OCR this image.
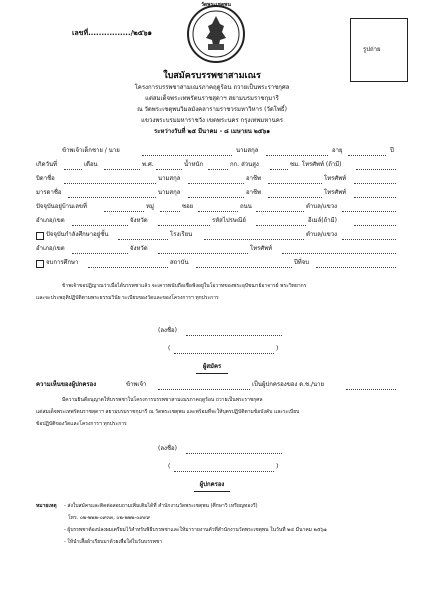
เลขที่................/๒๕๖๑
วัดพระเชตุพน
รูปถ่าย
ใบสมัครบรรพชาสามเณร
โครงการบรรพชาสามเณรภาคฤดูร้อน ถวายเป็นพระราชกุศล
แด่สมเด็จพระเทพรัตนราชสุดาฯ สยามบรมราชกุมารี
ณ วัดพระเชตุพนวิมลมังคลารามราชวรมหาวิหาร (วัดโพธิ์)
แขวงพระบรมมหาราชวัง เขตพระนคร กรุงเทพมหานคร
ระหว่างวันที่ ๒๕ มีนาคม - ๘ เมษายน ๒๕๖๑
ข้าพเจ้าเด็กชาย / นาย	นามสกุล	อายุ	ปี
เกิดวันที่	เดือน	พ.ศ.	น้ำหนัก	กก. ส่วนสูง	ซม. โทรศัพท์ (ถ้ามี)
บิดาชื่อ	นามสกุล	อาชีพ	โทรศัพท์
มารดาชื่อ	นามสกุล	อาชีพ	โทรศัพท์
ปัจจุบันอยู่บ้านเลขที่	หมู่	ซอย	ถนน	ตำบล/แขวง
อำเภอ/เขต	จังหวัด	รหัสไปรษณีย์	อีเมล์(ถ้ามี)
ปัจจุบันกำลังศึกษาอยู่ชั้น	โรงเรียน	ตำบล/แขวง
อำเภอ/เขต	จังหวัด	โทรศัพท์
จบการศึกษา	สถาบัน	ปีที่จบ
ข้าพเจ้าขอปฏิญาณว่าเมื่อได้บรรพชาแล้ว จะเคารพนับถือเชื่อฟังอยู่ในโอวาทของพระอุปัชฌาย์อาจารย์ พระวิทยากร
และจะประพฤติปฏิบัติตามพระธรรมวินัย ระเบียบของวัดและของโครงการฯ ทุกประการ
(ลงชื่อ)
(	)
ผู้สมัคร
ความเห็นของผู้ปกครอง	ข้าพเจ้า	เป็นผู้ปกครองของ ด.ช./นาย
มีความยินดีอนุญาตให้บรรพชาในโครงการบรรพชาสามเณรภาคฤดูร้อน ถวายเป็นพระราชกุศล
แด่สมเด็จพระเทพรัตนราชสุดาฯ สยามบรมราชกุมารี ณ วัดพระเชตุพน และพร้อมที่จะให้บุตรปฏิบัติตามข้อบังคับ และระเบียบ
ข้อปฏิบัติของวัดและโครงการฯ ทุกประการ
(ลงชื่อ)
(	)
ผู้ปกครอง
หมายเหตุ - ส่งใบสมัครและติดต่อสอบถามเพิ่มเติมได้ที่ สำนักงานวัดพระเชตุพน (ศึกษาวิ เหรียญทองวี)
โทร. ๐๒-๒๒๒-๐๙๓๓, ๐๒-๒๒๒-๐๙๙๙
- ผู้บรรพชาต้องปลงผมเตรียมไว้สำหรับพิธีบรรพชาและให้มารายงานตัวที่สำนักงานวัดพระเชตุพน ในวันที่ ๒๔ มีนาคม ๒๕๖๑
- ให้นำเสื้อผ้าเรียบมาด้วยเพื่อใส่ในวันบรรพชา
